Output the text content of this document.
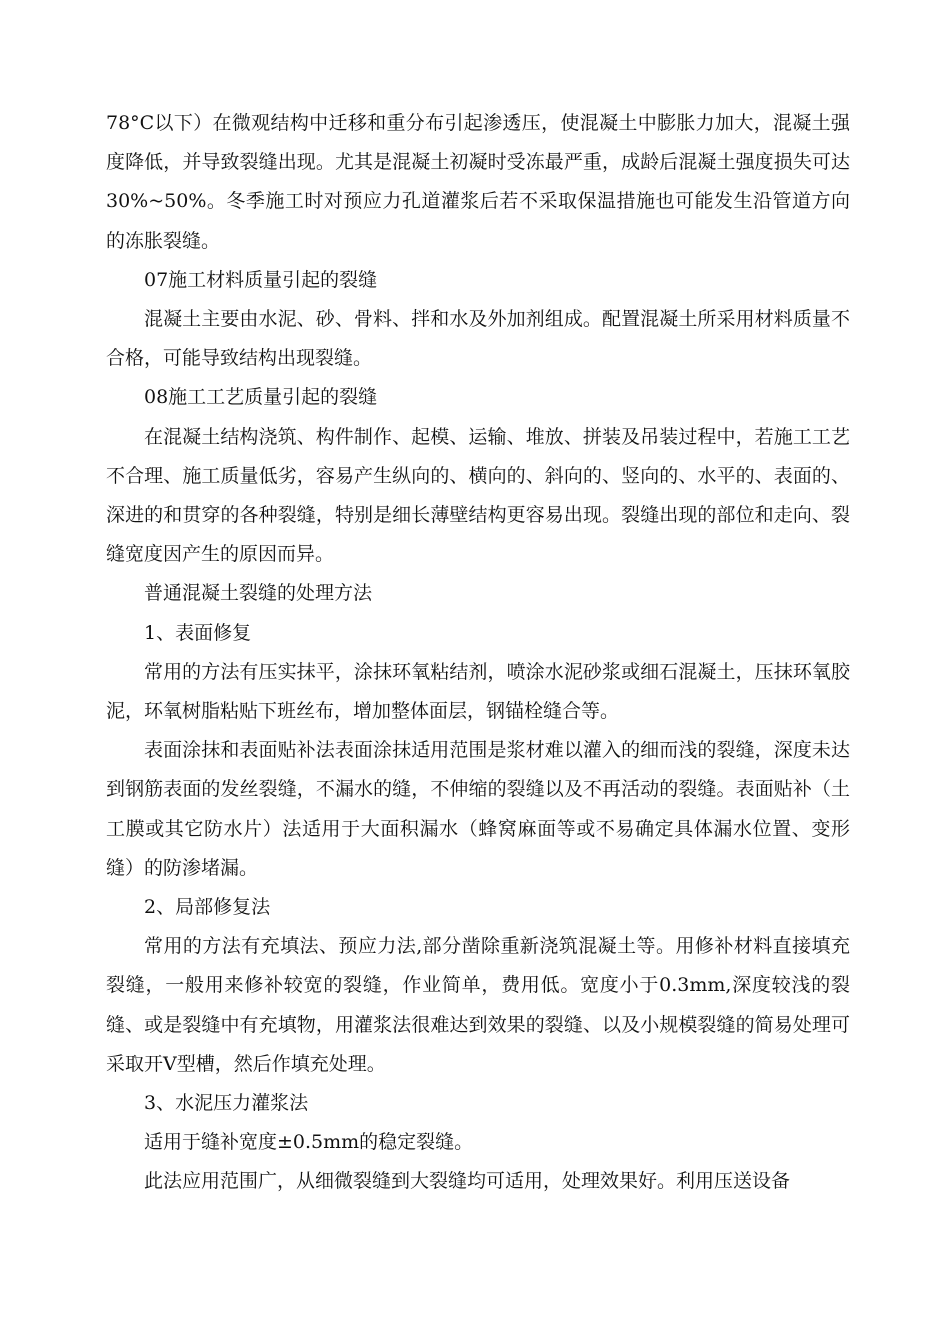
78°C以下）在微观结构中迁移和重分布引起渗透压，使混凝土中膨胀力加大，混凝土强度降低，并导致裂缝出现。尤其是混凝土初凝时受冻最严重，成龄后混凝土强度损失可达30%~50%。冬季施工时对预应力孔道灌浆后若不采取保温措施也可能发生沿管道方向的冻胀裂缝。

07施工材料质量引起的裂缝

混凝土主要由水泥、砂、骨料、拌和水及外加剂组成。配置混凝土所采用材料质量不合格，可能导致结构出现裂缝。

08施工工艺质量引起的裂缝

在混凝土结构浇筑、构件制作、起模、运输、堆放、拼装及吊装过程中，若施工工艺不合理、施工质量低劣，容易产生纵向的、横向的、斜向的、竖向的、水平的、表面的、深进的和贯穿的各种裂缝，特别是细长薄壁结构更容易出现。裂缝出现的部位和走向、裂缝宽度因产生的原因而异。

普通混凝土裂缝的处理方法

1、表面修复

常用的方法有压实抹平，涂抹环氧粘结剂，喷涂水泥砂浆或细石混凝土，压抹环氧胶泥，环氧树脂粘贴下班丝布，增加整体面层，钢锚栓缝合等。

表面涂抹和表面贴补法表面涂抹适用范围是浆材难以灌入的细而浅的裂缝，深度未达到钢筋表面的发丝裂缝，不漏水的缝，不伸缩的裂缝以及不再活动的裂缝。表面贴补（土工膜或其它防水片）法适用于大面积漏水（蜂窝麻面等或不易确定具体漏水位置、变形缝）的防渗堵漏。

2、局部修复法

常用的方法有充填法、预应力法,部分凿除重新浇筑混凝土等。用修补材料直接填充裂缝，一般用来修补较宽的裂缝，作业简单，费用低。宽度小于0.3mm,深度较浅的裂缝、或是裂缝中有充填物，用灌浆法很难达到效果的裂缝、以及小规模裂缝的简易处理可采取开V型槽，然后作填充处理。

3、水泥压力灌浆法

适用于缝补宽度±0.5mm的稳定裂缝。

此法应用范围广，从细微裂缝到大裂缝均可适用，处理效果好。利用压送设备
